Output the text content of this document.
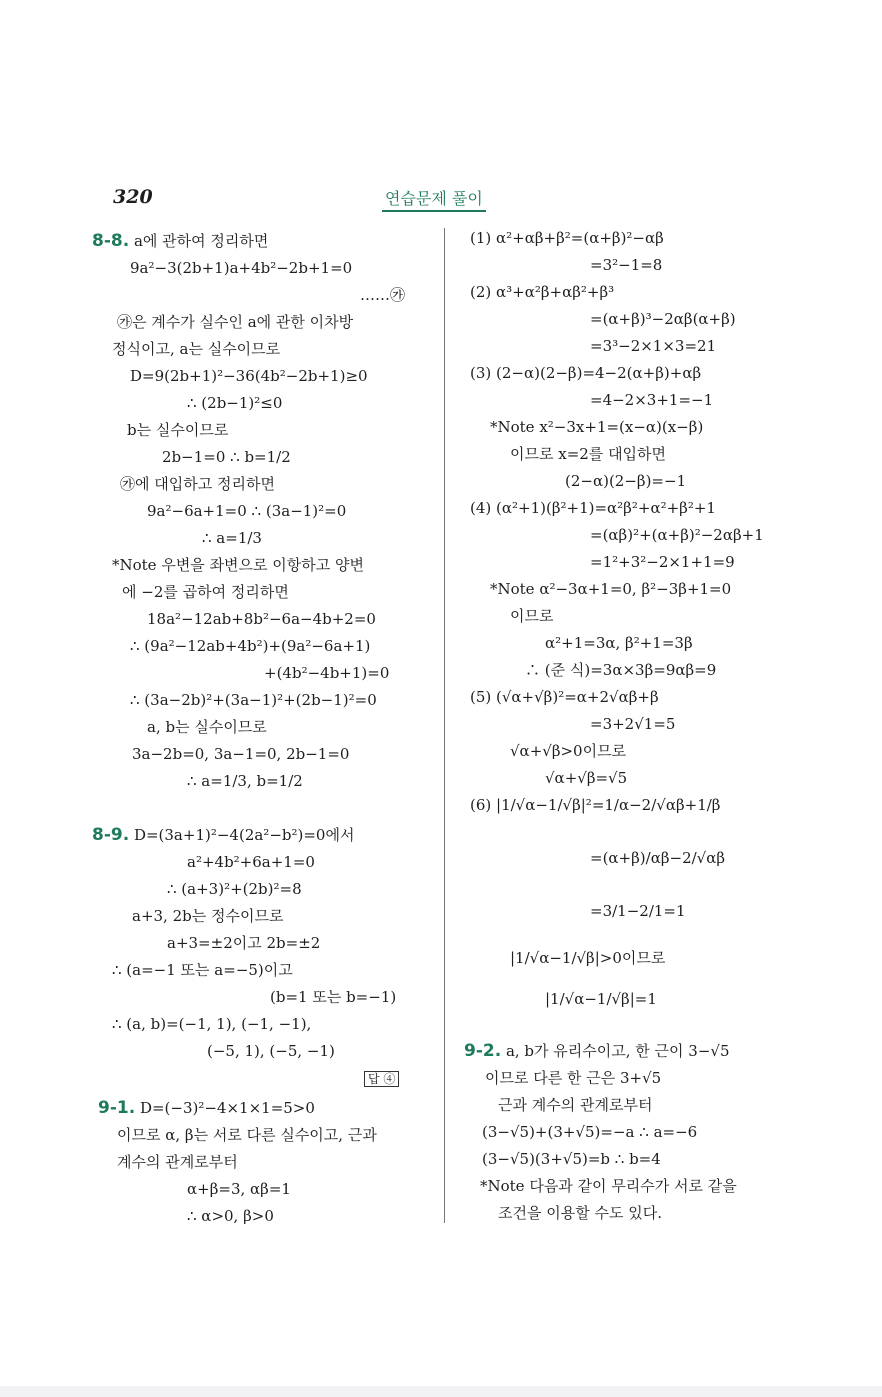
320	연습문제 풀이
8-8. a에 관하여 정리하면
9a²−3(2b+1)a+4b²−2b+1=0
……㉮
㉮은 계수가 실수인 a에 관한 이차방
정식이고, a는 실수이므로
D=9(2b+1)²−36(4b²−2b+1)≥0
∴ (2b−1)²≤0
b는 실수이므로
2b−1=0 ∴ b=1/2
㉮에 대입하고 정리하면
9a²−6a+1=0 ∴ (3a−1)²=0
∴ a=1/3
*Note 우변을 좌변으로 이항하고 양변
에 −2를 곱하여 정리하면
18a²−12ab+8b²−6a−4b+2=0
∴ (9a²−12ab+4b²)+(9a²−6a+1)
+(4b²−4b+1)=0
∴ (3a−2b)²+(3a−1)²+(2b−1)²=0
a, b는 실수이므로
3a−2b=0, 3a−1=0, 2b−1=0
∴ a=1/3, b=1/2
8-9. D=(3a+1)²−4(2a²−b²)=0에서
a²+4b²+6a+1=0
∴ (a+3)²+(2b)²=8
a+3, 2b는 정수이므로
a+3=±2이고 2b=±2
∴ (a=−1 또는 a=−5)이고
(b=1 또는 b=−1)
∴ (a, b)=(−1, 1), (−1, −1),
(−5, 1), (−5, −1)
답 ④
9-1. D=(−3)²−4×1×1=5>0
이므로 α, β는 서로 다른 실수이고, 근과
계수의 관계로부터
α+β=3, αβ=1
∴ α>0, β>0
(1) α²+αβ+β²=(α+β)²−αβ
=3²−1=8
(2) α³+α²β+αβ²+β³
=(α+β)³−2αβ(α+β)
=3³−2×1×3=21
(3) (2−α)(2−β)=4−2(α+β)+αβ
=4−2×3+1=−1
*Note x²−3x+1=(x−α)(x−β)
이므로 x=2를 대입하면
(2−α)(2−β)=−1
(4) (α²+1)(β²+1)=α²β²+α²+β²+1
=(αβ)²+(α+β)²−2αβ+1
=1²+3²−2×1+1=9
*Note α²−3α+1=0, β²−3β+1=0
이므로
α²+1=3α, β²+1=3β
∴ (준 식)=3α×3β=9αβ=9
(5) (√α+√β)²=α+2√αβ+β
=3+2√1=5
√α+√β>0이므로
√α+√β=√5
(6) |1/√α−1/√β|²=1/α−2/√αβ+1/β
=(α+β)/αβ−2/√αβ
=3/1−2/1=1
|1/√α−1/√β|>0이므로
|1/√α−1/√β|=1
9-2. a, b가 유리수이고, 한 근이 3−√5
이므로 다른 한 근은 3+√5
근과 계수의 관계로부터
(3−√5)+(3+√5)=−a ∴ a=−6
(3−√5)(3+√5)=b ∴ b=4
*Note 다음과 같이 무리수가 서로 같을
조건을 이용할 수도 있다.
